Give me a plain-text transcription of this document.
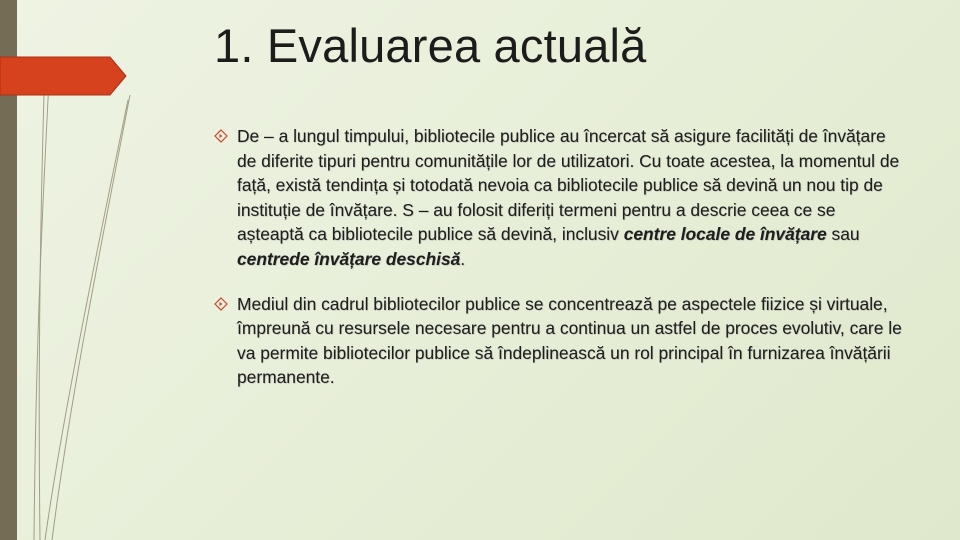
1. Evaluarea actuală
De – a lungul timpului, bibliotecile publice au încercat să asigure facilități de învățare de diferite tipuri pentru comunitățile lor de utilizatori. Cu toate acestea, la momentul de față, există tendința și totodată nevoia ca bibliotecile publice să devină un nou tip de instituție de învățare. S – au folosit diferiți termeni pentru a descrie ceea ce se așteaptă ca bibliotecile publice să devină, inclusiv centre locale de învățare sau centrede învățare deschisă.
Mediul din cadrul bibliotecilor publice se concentrează pe aspectele fiizice și virtuale, împreună cu resursele necesare pentru a continua un astfel de proces evolutiv, care le va permite bibliotecilor publice să îndeplinească un rol principal în furnizarea învățării permanente.
